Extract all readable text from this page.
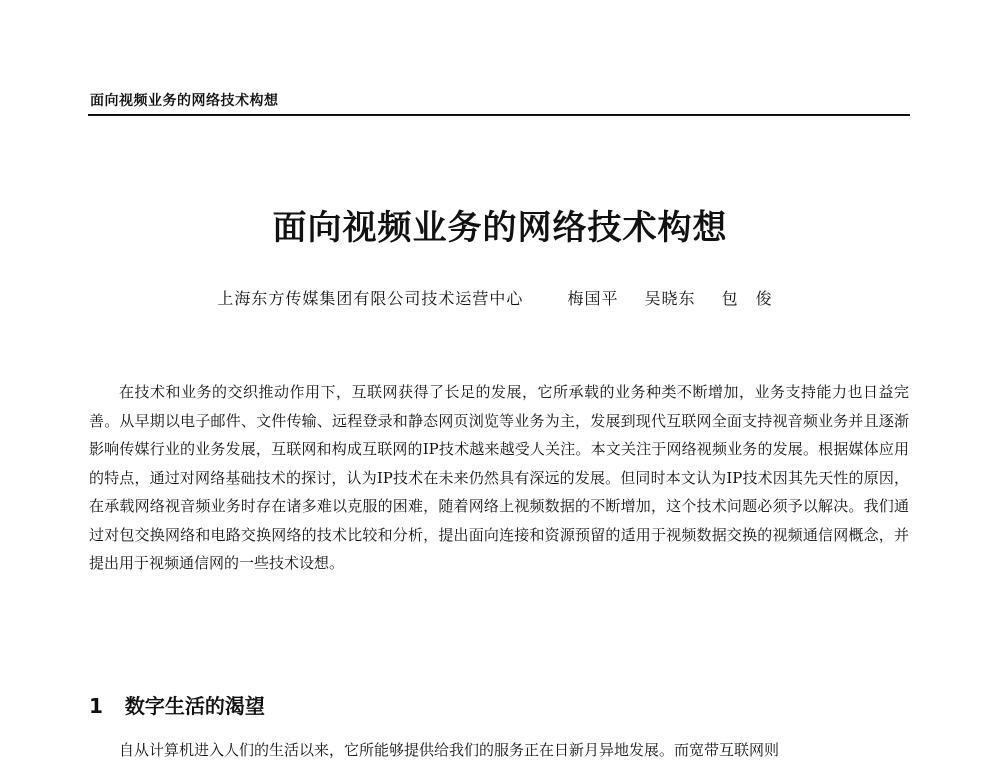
面向视频业务的网络技术构想
面向视频业务的网络技术构想
上海东方传媒集团有限公司技术运营中心	梅国平 吴晓东 包　俊

在技术和业务的交织推动作用下，互联网获得了长足的发展，它所承载的业务种类不断增加，业务支持能力也日益完善。从早期以电子邮件、文件传输、远程登录和静态网页浏览等业务为主，发展到现代互联网全面支持视音频业务并且逐渐影响传媒行业的业务发展，互联网和构成互联网的IP技术越来越受人关注。本文关注于网络视频业务的发展。根据媒体应用的特点，通过对网络基础技术的探讨，认为IP技术在未来仍然具有深远的发展。但同时本文认为IP技术因其先天性的原因，在承载网络视音频业务时存在诸多难以克服的困难，随着网络上视频数据的不断增加，这个技术问题必须予以解决。我们通过对包交换网络和电路交换网络的技术比较和分析，提出面向连接和资源预留的适用于视频数据交换的视频通信网概念，并提出用于视频通信网的一些技术设想。

1 数字生活的渴望

自从计算机进入人们的生活以来，它所能够提供给我们的服务正在日新月异地发展。而宽带互联网则
